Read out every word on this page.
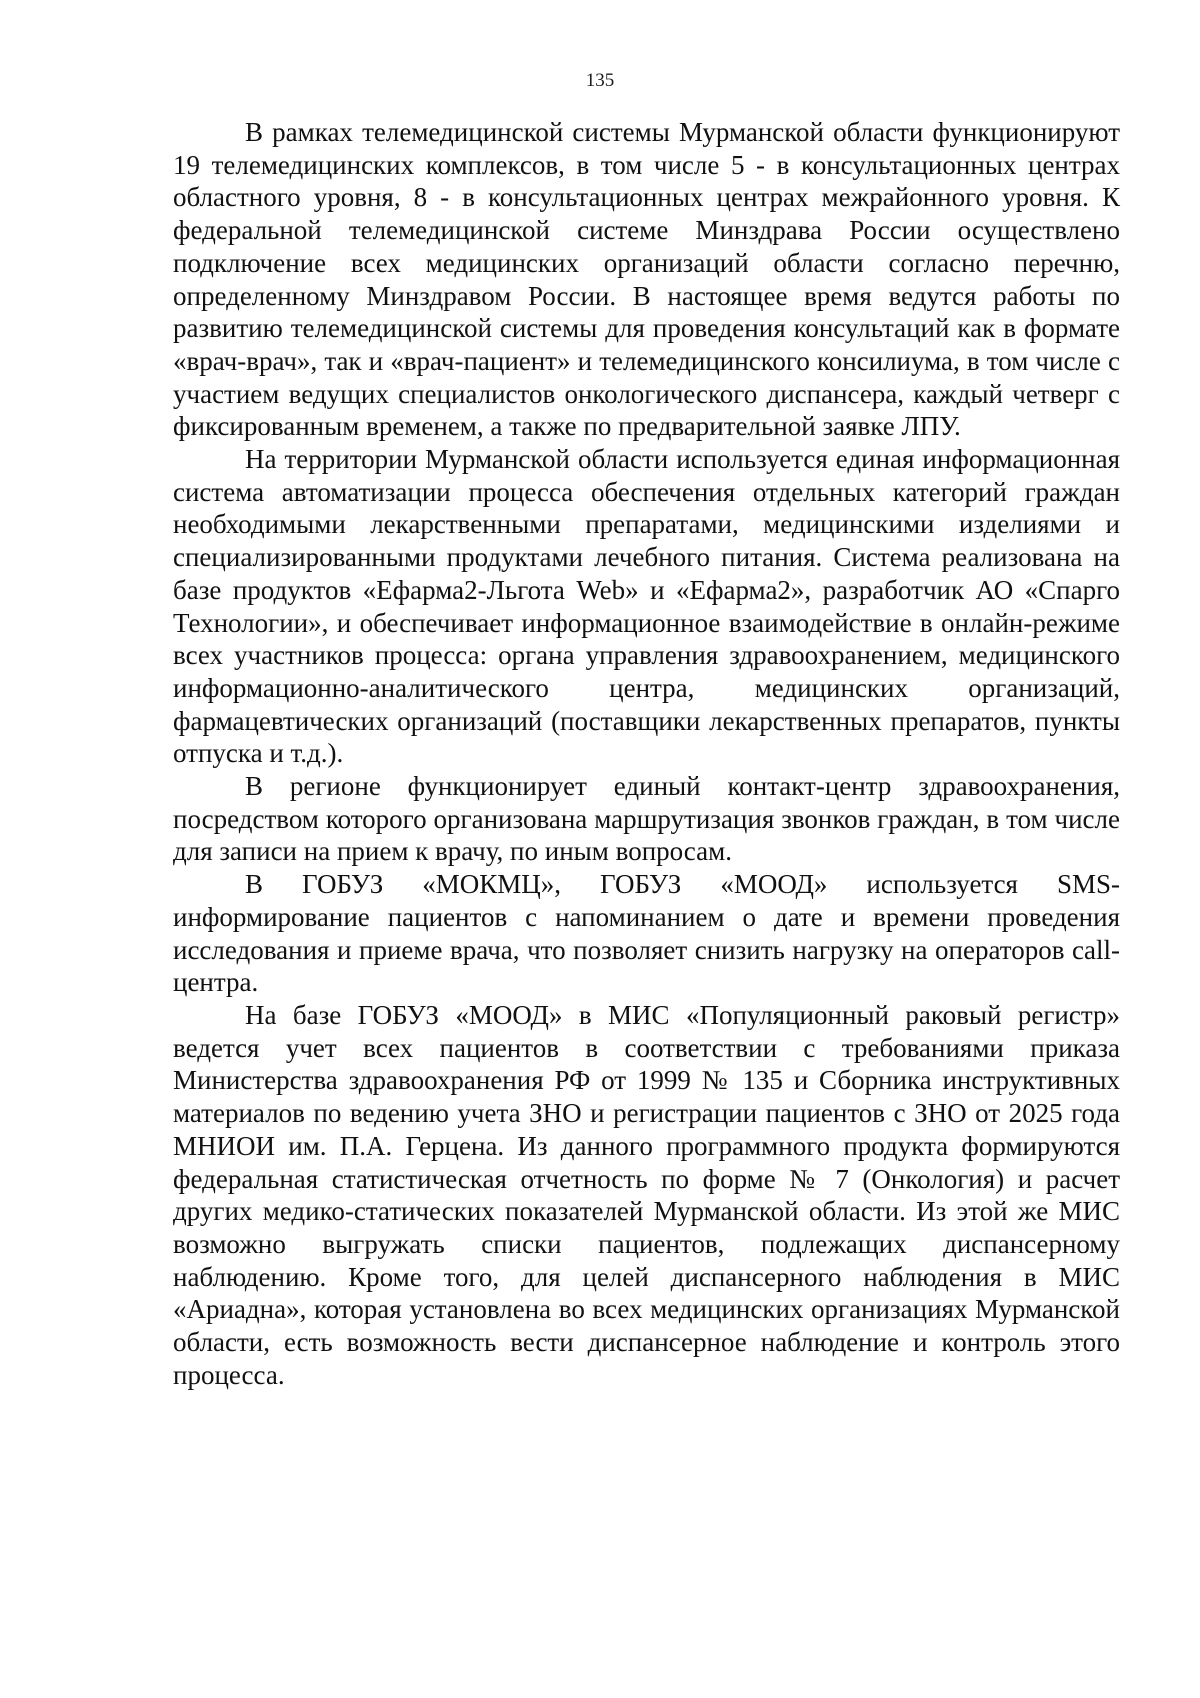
135

В рамках телемедицинской системы Мурманской области функционируют 19 телемедицинских комплексов, в том числе 5 - в консультационных центрах областного уровня, 8 - в консультационных центрах межрайонного уровня. К федеральной телемедицинской системе Минздрава России осуществлено подключение всех медицинских организаций области согласно перечню, определенному Минздравом России. В настоящее время ведутся работы по развитию телемедицинской системы для проведения консультаций как в формате «врач-врач», так и «врач-пациент» и телемедицинского консилиума, в том числе с участием ведущих специалистов онкологического диспансера, каждый четверг с фиксированным временем, а также по предварительной заявке ЛПУ.

На территории Мурманской области используется единая информационная система автоматизации процесса обеспечения отдельных категорий граждан необходимыми лекарственными препаратами, медицинскими изделиями и специализированными продуктами лечебного питания. Система реализована на базе продуктов «Ефарма2-Льгота Web» и «Ефарма2», разработчик АО «Спарго Технологии», и обеспечивает информационное взаимодействие в онлайн-режиме всех участников процесса: органа управления здравоохранением, медицинского информационно-аналитического центра, медицинских организаций, фармацевтических организаций (поставщики лекарственных препаратов, пункты отпуска и т.д.).

В регионе функционирует единый контакт-центр здравоохранения, посредством которого организована маршрутизация звонков граждан, в том числе для записи на прием к врачу, по иным вопросам.

В ГОБУЗ «МОКМЦ», ГОБУЗ «МООД» используется SMS-информирование пациентов с напоминанием о дате и времени проведения исследования и приеме врача, что позволяет снизить нагрузку на операторов call-центра.

На базе ГОБУЗ «МООД» в МИС «Популяционный раковый регистр» ведется учет всех пациентов в соответствии с требованиями приказа Министерства здравоохранения РФ от 1999 № 135 и Сборника инструктивных материалов по ведению учета ЗНО и регистрации пациентов с ЗНО от 2025 года МНИОИ им. П.А. Герцена. Из данного программного продукта формируются федеральная статистическая отчетность по форме № 7 (Онкология) и расчет других медико-статических показателей Мурманской области. Из этой же МИС возможно выгружать списки пациентов, подлежащих диспансерному наблюдению. Кроме того, для целей диспансерного наблюдения в МИС «Ариадна», которая установлена во всех медицинских организациях Мурманской области, есть возможность вести диспансерное наблюдение и контроль этого процесса.
